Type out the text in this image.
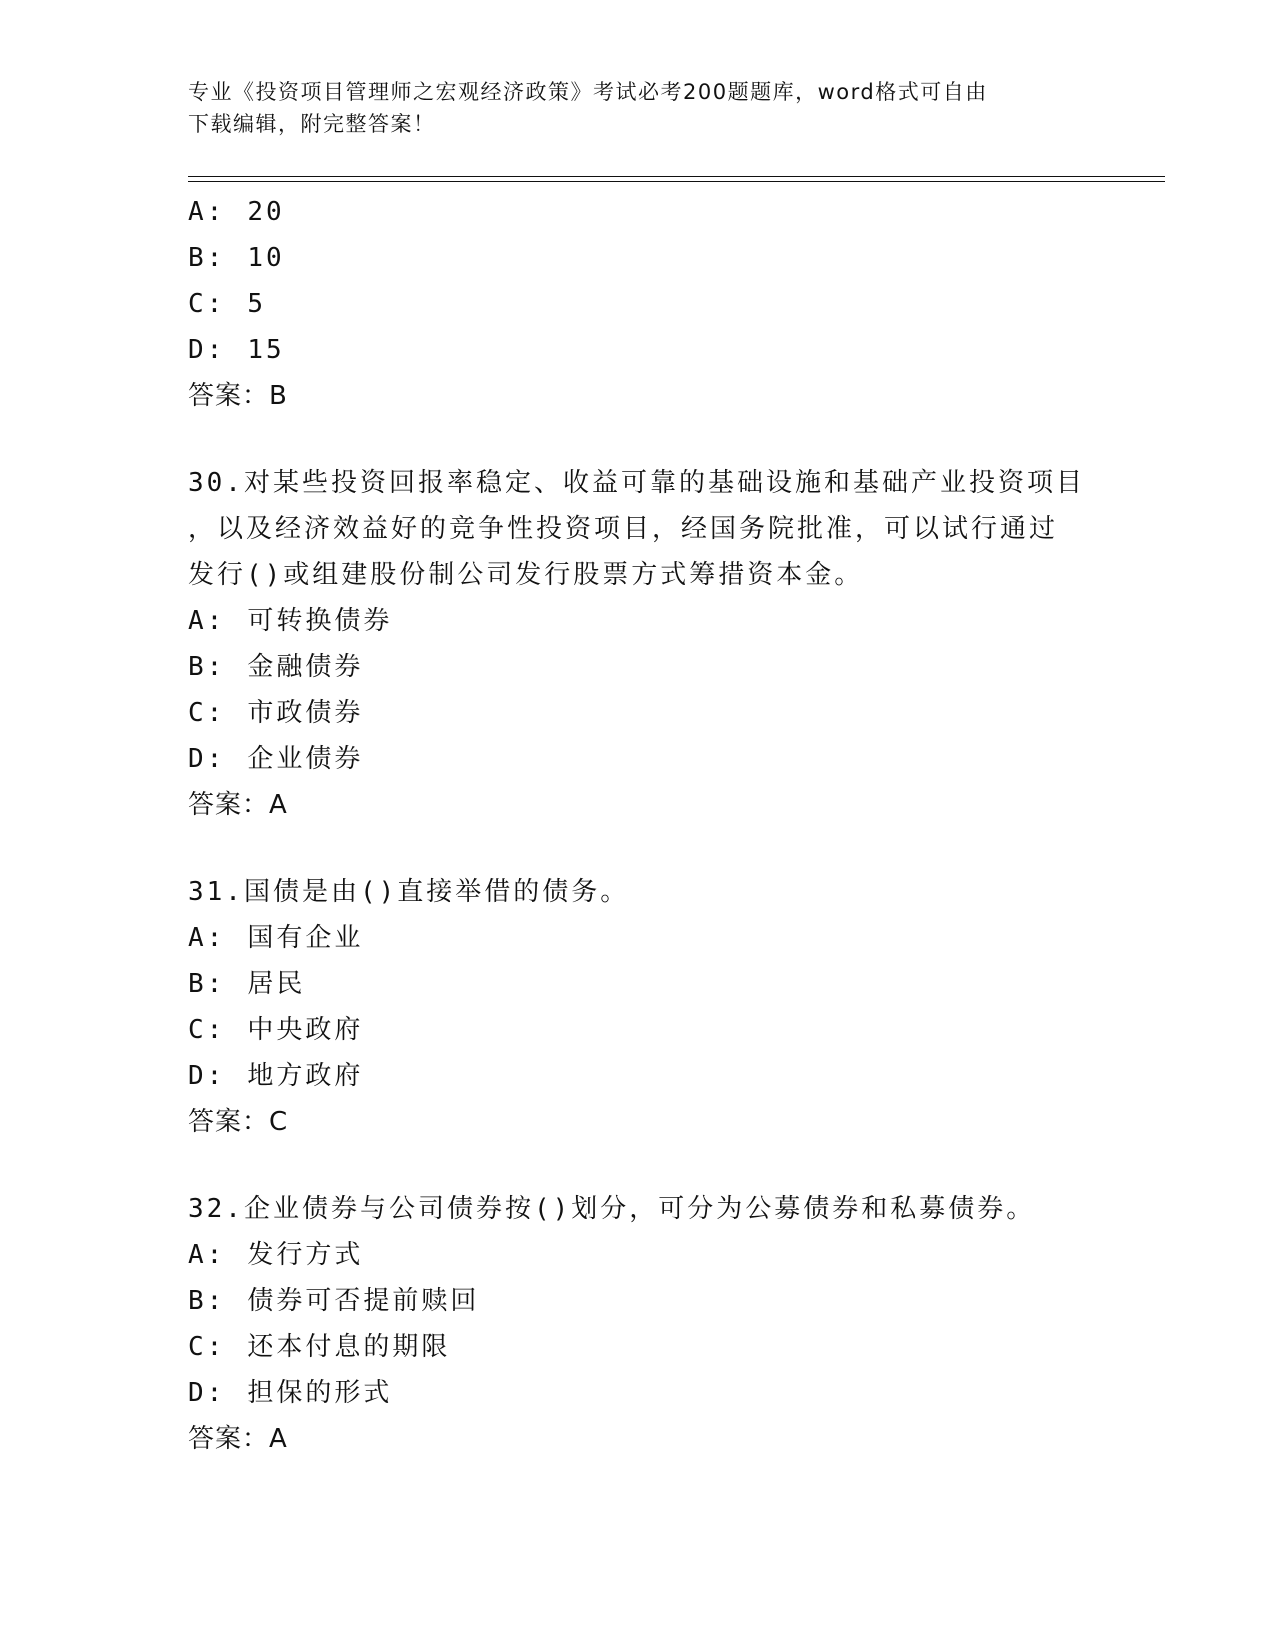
专业《投资项目管理师之宏观经济政策》考试必考200题题库，word格式可自由
下载编辑，附完整答案！
A: 20
B: 10
C: 5
D: 15
答案：B
30.对某些投资回报率稳定、收益可靠的基础设施和基础产业投资项目
，以及经济效益好的竞争性投资项目，经国务院批准，可以试行通过
发行()或组建股份制公司发行股票方式筹措资本金。
A: 可转换债券
B: 金融债券
C: 市政债券
D: 企业债券
答案：A
31.国债是由()直接举借的债务。
A: 国有企业
B: 居民
C: 中央政府
D: 地方政府
答案：C
32.企业债券与公司债券按()划分，可分为公募债券和私募债券。
A: 发行方式
B: 债券可否提前赎回
C: 还本付息的期限
D: 担保的形式
答案：A
